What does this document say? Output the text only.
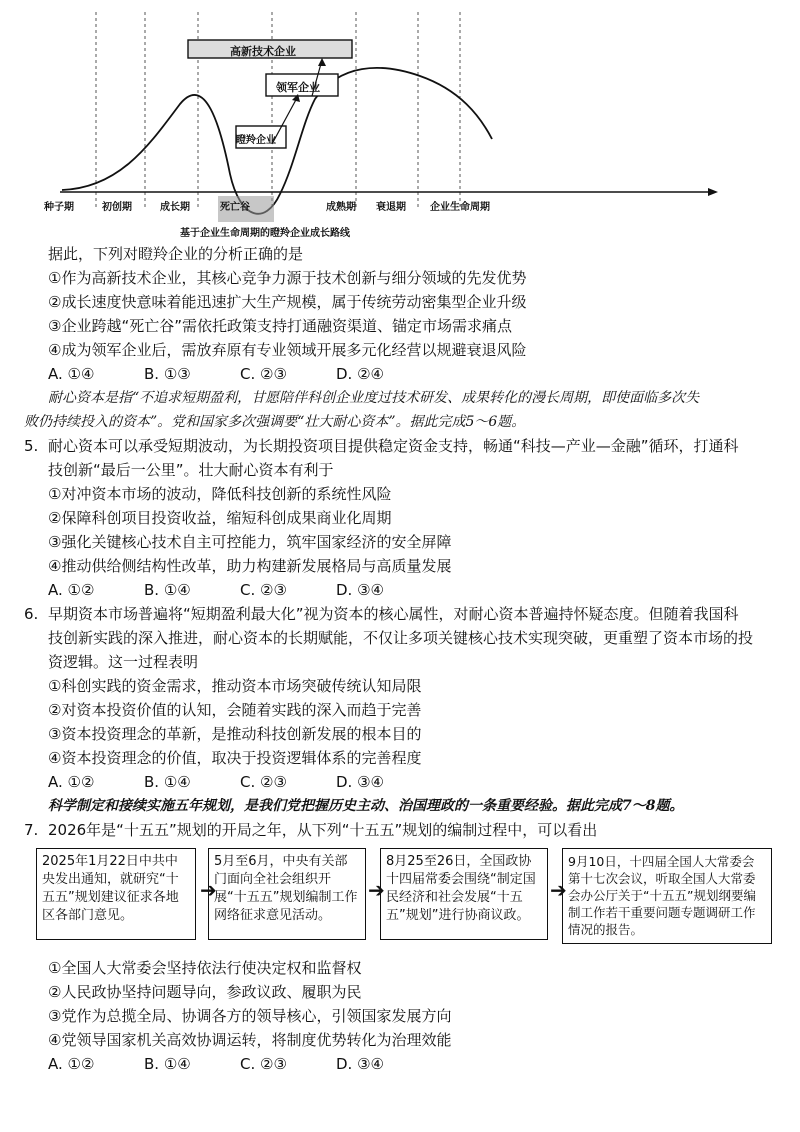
高新技术企业
领军企业
瞪羚企业
种子期	初创期	成长期	死亡谷	成熟期 衰退期 企业生命周期
基于企业生命周期的瞪羚企业成长路线
据此，下列对瞪羚企业的分析正确的是
①作为高新技术企业，其核心竞争力源于技术创新与细分领域的先发优势
②成长速度快意味着能迅速扩大生产规模，属于传统劳动密集型企业升级
③企业跨越“死亡谷”需依托政策支持打通融资渠道、锚定市场需求痛点
④成为领军企业后，需放弃原有专业领域开展多元化经营以规避衰退风险
A. ①④	B. ①③	C. ②③	D. ②④
耐心资本是指“不追求短期盈利，甘愿陪伴科创企业度过技术研发、成果转化的漫长周期，即使面临多次失
败仍持续投入的资本”。党和国家多次强调要“壮大耐心资本”。据此完成5～6题。
5. 耐心资本可以承受短期波动，为长期投资项目提供稳定资金支持，畅通“科技—产业—金融”循环，打通科
技创新“最后一公里”。壮大耐心资本有利于
①对冲资本市场的波动，降低科技创新的系统性风险
②保障科创项目投资收益，缩短科创成果商业化周期
③强化关键核心技术自主可控能力，筑牢国家经济的安全屏障
④推动供给侧结构性改革，助力构建新发展格局与高质量发展
A. ①②	B. ①④	C. ②③	D. ③④
6. 早期资本市场普遍将“短期盈利最大化”视为资本的核心属性，对耐心资本普遍持怀疑态度。但随着我国科
技创新实践的深入推进，耐心资本的长期赋能，不仅让多项关键核心技术实现突破，更重塑了资本市场的投
资逻辑。这一过程表明
①科创实践的资金需求，推动资本市场突破传统认知局限
②对资本投资价值的认知，会随着实践的深入而趋于完善
③资本投资理念的革新，是推动科技创新发展的根本目的
④资本投资理念的价值，取决于投资逻辑体系的完善程度
A. ①②	B. ①④	C. ②③	D. ③④
科学制定和接续实施五年规划，是我们党把握历史主动、治国理政的一条重要经验。据此完成7～8题。
7. 2026年是“十五五”规划的开局之年，从下列“十五五”规划的编制过程中，可以看出
2025年1月22日中共中央发出通知，就研究“十五五”规划建议征求各地区各部门意见。
➔
5月至6月，中央有关部门面向全社会组织开展“十五五”规划编制工作网络征求意见活动。
➔
8月25至26日，全国政协十四届常委会围绕“制定国民经济和社会发展“十五五”规划”进行协商议政。
➔
9月10日，十四届全国人大常委会第十七次会议，听取全国人大常委会办公厅关于“十五五”规划纲要编制工作若干重要问题专题调研工作情况的报告。
①全国人大常委会坚持依法行使决定权和监督权
②人民政协坚持问题导向，参政议政、履职为民
③党作为总揽全局、协调各方的领导核心，引领国家发展方向
④党领导国家机关高效协调运转，将制度优势转化为治理效能
A. ①②	B. ①④	C. ②③	D. ③④
